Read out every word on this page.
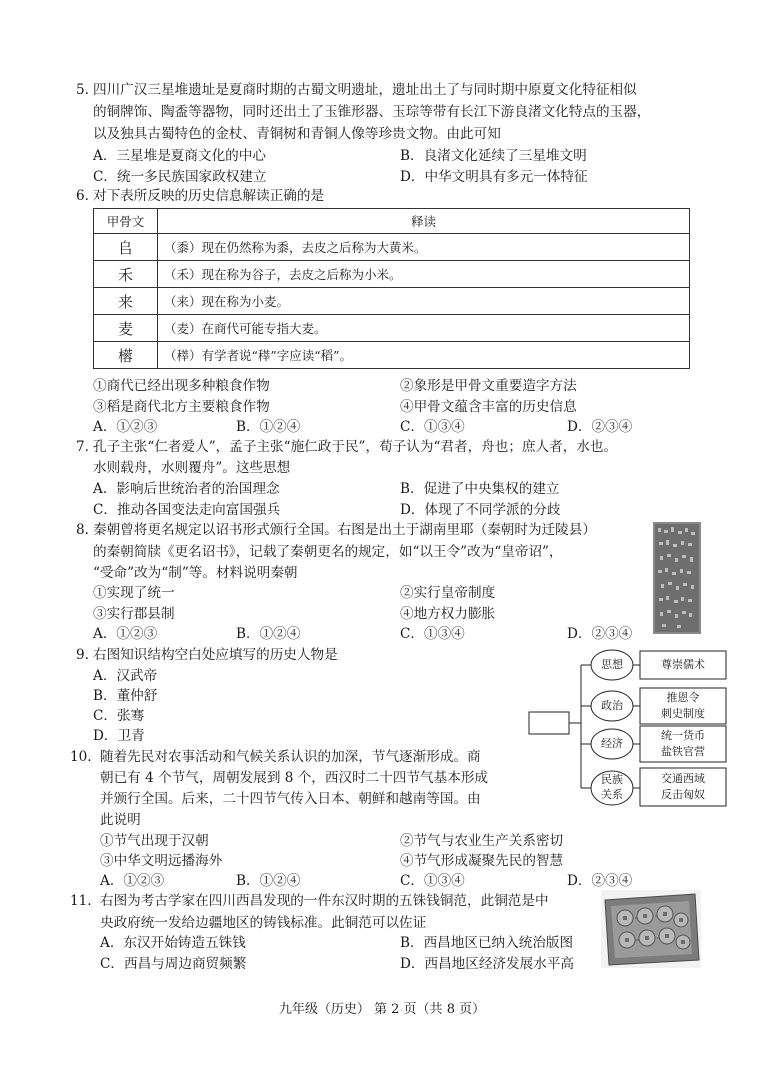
5. 四川广汉三星堆遗址是夏商时期的古蜀文明遗址，遗址出土了与同时期中原夏文化特征相似
的铜牌饰、陶盉等器物，同时还出土了玉锥形器、玉琮等带有长江下游良渚文化特点的玉器，
以及独具古蜀特色的金杖、青铜树和青铜人像等珍贵文物。由此可知
A．三星堆是夏商文化的中心	B．良渚文化延续了三星堆文明
C．统一多民族国家政权建立	D．中华文明具有多元一体特征
6. 对下表所反映的历史信息解读正确的是
甲骨文	释读
𠂤	（黍）现在仍然称为黍，去皮之后称为大黄米。
禾	（禾）现在称为谷子，去皮之后称为小米。
来	（来）现在称为小麦。
麦	（麦）在商代可能专指大麦。
㯴	（䅸）有学者说“䅸”字应读“稻”。
①商代已经出现多种粮食作物	②象形是甲骨文重要造字方法
③稻是商代北方主要粮食作物	④甲骨文蕴含丰富的历史信息
A．①②③	B．①②④	C．①③④	D．②③④
7. 孔子主张“仁者爱人”，孟子主张“施仁政于民”，荀子认为“君者，舟也；庶人者，水也。
水则载舟，水则覆舟”。这些思想
A．影响后世统治者的治国理念	B．促进了中央集权的建立
C．推动各国变法走向富国强兵	D．体现了不同学派的分歧
8. 秦朝曾将更名规定以诏书形式颁行全国。右图是出土于湖南里耶（秦朝时为迁陵县）
的秦朝简牍《更名诏书》，记载了秦朝更名的规定，如“以王令”改为“皇帝诏”，
“受命”改为“制”等。材料说明秦朝
①实现了统一	②实行皇帝制度
③实行郡县制	④地方权力膨胀
A．①②③	B．①②④	C．①③④	D．②③④
9. 右图知识结构空白处应填写的历史人物是
A．汉武帝
B．董仲舒
C．张骞
D．卫青
思想
政治
经济
民族
关系
尊崇儒术
推恩令
刺史制度
统一货币
盐铁官营
交通西域
反击匈奴
10. 随着先民对农事活动和气候关系认识的加深，节气逐渐形成。商
朝已有 4 个节气，周朝发展到 8 个，西汉时二十四节气基本形成
并颁行全国。后来，二十四节气传入日本、朝鲜和越南等国。由
此说明
①节气出现于汉朝	②节气与农业生产关系密切
③中华文明远播海外	④节气形成凝聚先民的智慧
A．①②③	B．①②④	C．①③④	D．②③④
11. 右图为考古学家在四川西昌发现的一件东汉时期的五铢钱铜范，此铜范是中
央政府统一发给边疆地区的铸钱标准。此铜范可以佐证
A．东汉开始铸造五铢钱	B．西昌地区已纳入统治版图
C．西昌与周边商贸频繁	D．西昌地区经济发展水平高
九年级（历史） 第 2 页（共 8 页）
